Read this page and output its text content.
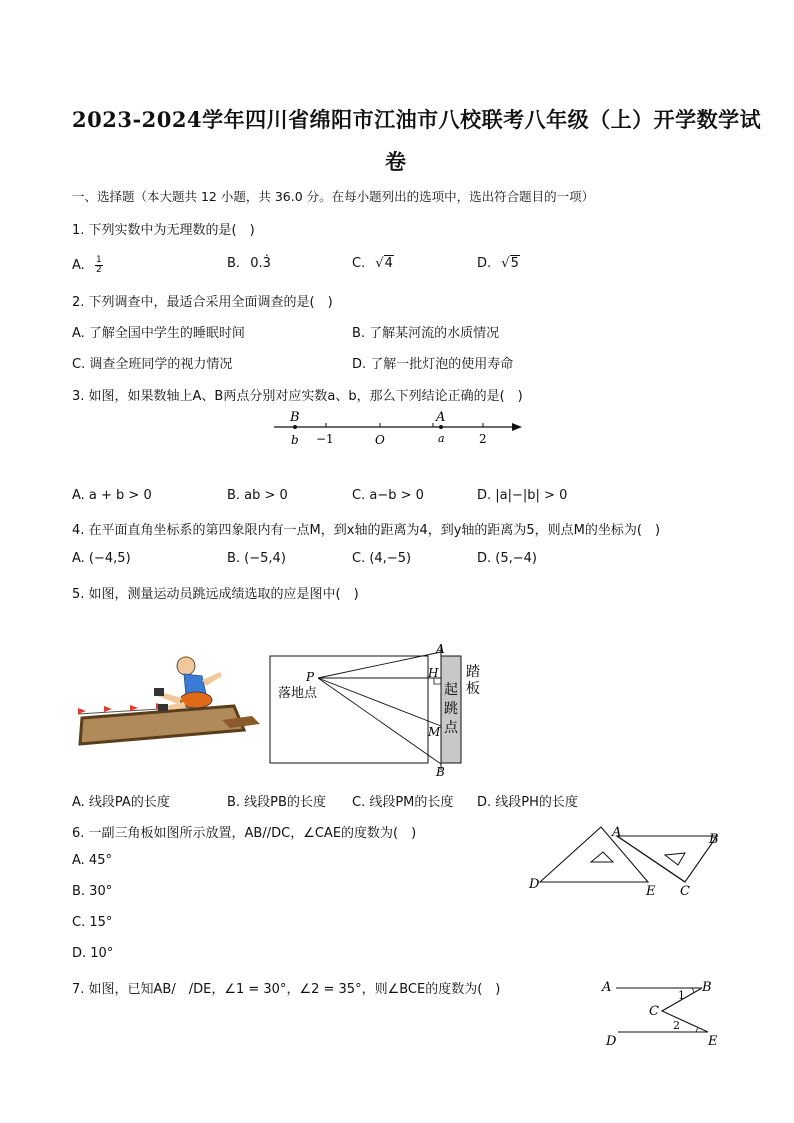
2023-2024学年四川省绵阳市江油市八校联考八年级（上）开学数学试
卷
一、选择题（本大题共 12 小题，共 36.0 分。在每小题列出的选项中，选出符合题目的一项）
1. 下列实数中为无理数的是(　)
A. $\frac{1}{2}$	B. 0.3̇	C. √4	D. √5
2. 下列调查中，最适合采用全面调查的是(　)
A. 了解全国中学生的睡眠时间	B. 了解某河流的水质情况
C. 调查全班同学的视力情况	D. 了解一批灯泡的使用寿命
3. 如图，如果数轴上A、B两点分别对应实数a、b，那么下列结论正确的是(　)
B
b −1	O
A
a	2
A. a + b > 0	B. ab > 0	C. a−b > 0	D. |a|−|b| > 0
4. 在平面直角坐标系的第四象限内有一点M，到x轴的距离为4，到y轴的距离为5，则点M的坐标为(　)
A. (−4,5)	B. (−5,4)	C. (4,−5)	D. (5,−4)
5. 如图，测量运动员跳远成绩选取的应是图中(　)
P
落地点
A
H
M
B
起
跳
点
踏
板
A. 线段PA的长度	B. 线段PB的长度 C. 线段PM的长度 D. 线段PH的长度
6. 一副三角板如图所示放置，AB//DC，∠CAE的度数为(　)
A. 45°
B. 30°
C. 15°
D. 10°
A	B
C
D	E
7. 如图，已知AB/　/DE，∠1 = 30°，∠2 = 35°，则∠BCE的度数为(　)	A	B
C
D	E
1
2
